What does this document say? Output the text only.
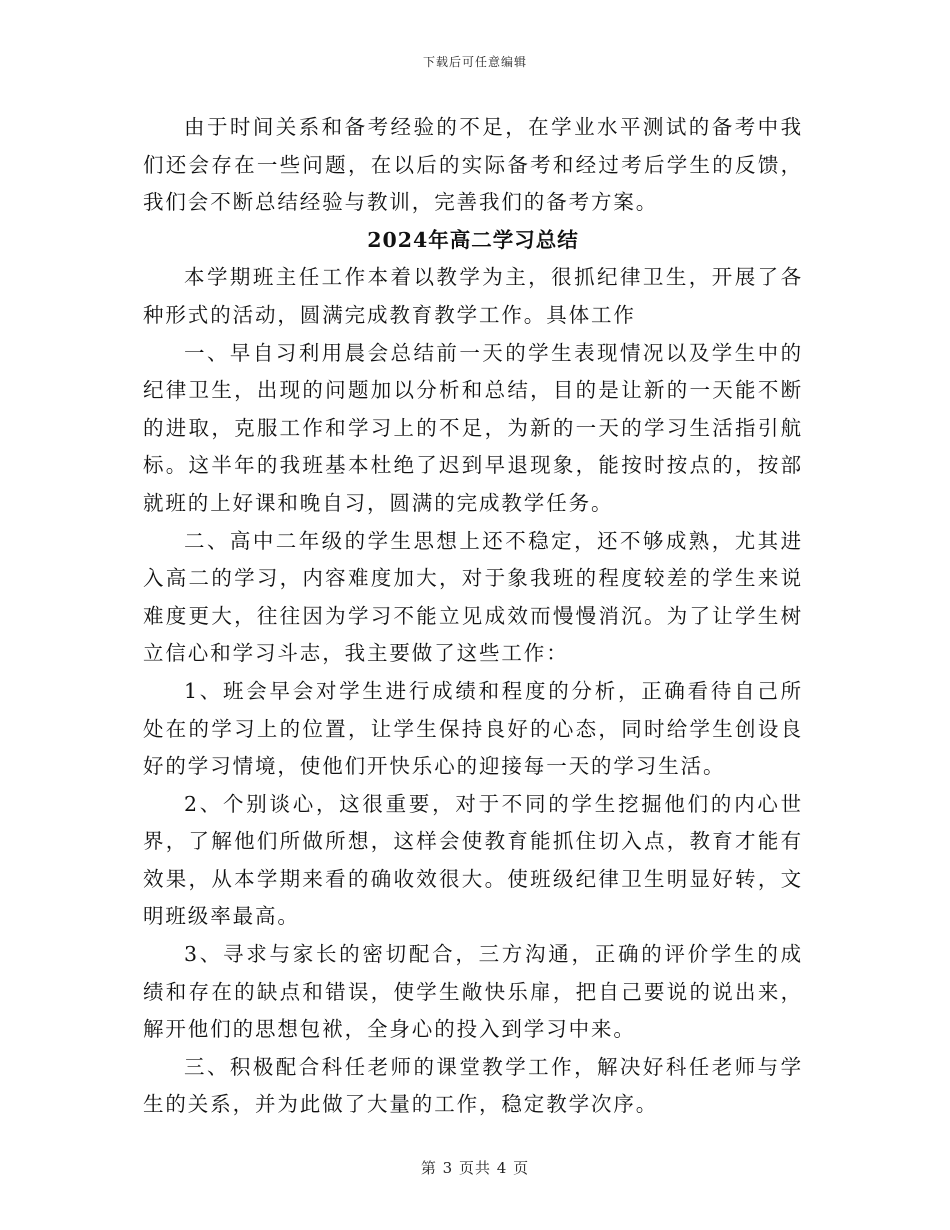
下载后可任意编辑

由于时间关系和备考经验的不足，在学业水平测试的备考中我们还会存在一些问题，在以后的实际备考和经过考后学生的反馈，我们会不断总结经验与教训，完善我们的备考方案。

2024年高二学习总结

本学期班主任工作本着以教学为主，很抓纪律卫生，开展了各种形式的活动，圆满完成教育教学工作。具体工作

一、早自习利用晨会总结前一天的学生表现情况以及学生中的纪律卫生，出现的问题加以分析和总结，目的是让新的一天能不断的进取，克服工作和学习上的不足，为新的一天的学习生活指引航标。这半年的我班基本杜绝了迟到早退现象，能按时按点的，按部就班的上好课和晚自习，圆满的完成教学任务。

二、高中二年级的学生思想上还不稳定，还不够成熟，尤其进入高二的学习，内容难度加大，对于象我班的程度较差的学生来说难度更大，往往因为学习不能立见成效而慢慢消沉。为了让学生树立信心和学习斗志，我主要做了这些工作：

1、班会早会对学生进行成绩和程度的分析，正确看待自己所处在的学习上的位置，让学生保持良好的心态，同时给学生创设良好的学习情境，使他们开快乐心的迎接每一天的学习生活。

2、个别谈心，这很重要，对于不同的学生挖掘他们的内心世界，了解他们所做所想，这样会使教育能抓住切入点，教育才能有效果，从本学期来看的确收效很大。使班级纪律卫生明显好转，文明班级率最高。

3、寻求与家长的密切配合，三方沟通，正确的评价学生的成绩和存在的缺点和错误，使学生敞快乐扉，把自己要说的说出来，解开他们的思想包袱，全身心的投入到学习中来。

三、积极配合科任老师的课堂教学工作，解决好科任老师与学生的关系，并为此做了大量的工作，稳定教学次序。

第 3 页共 4 页
